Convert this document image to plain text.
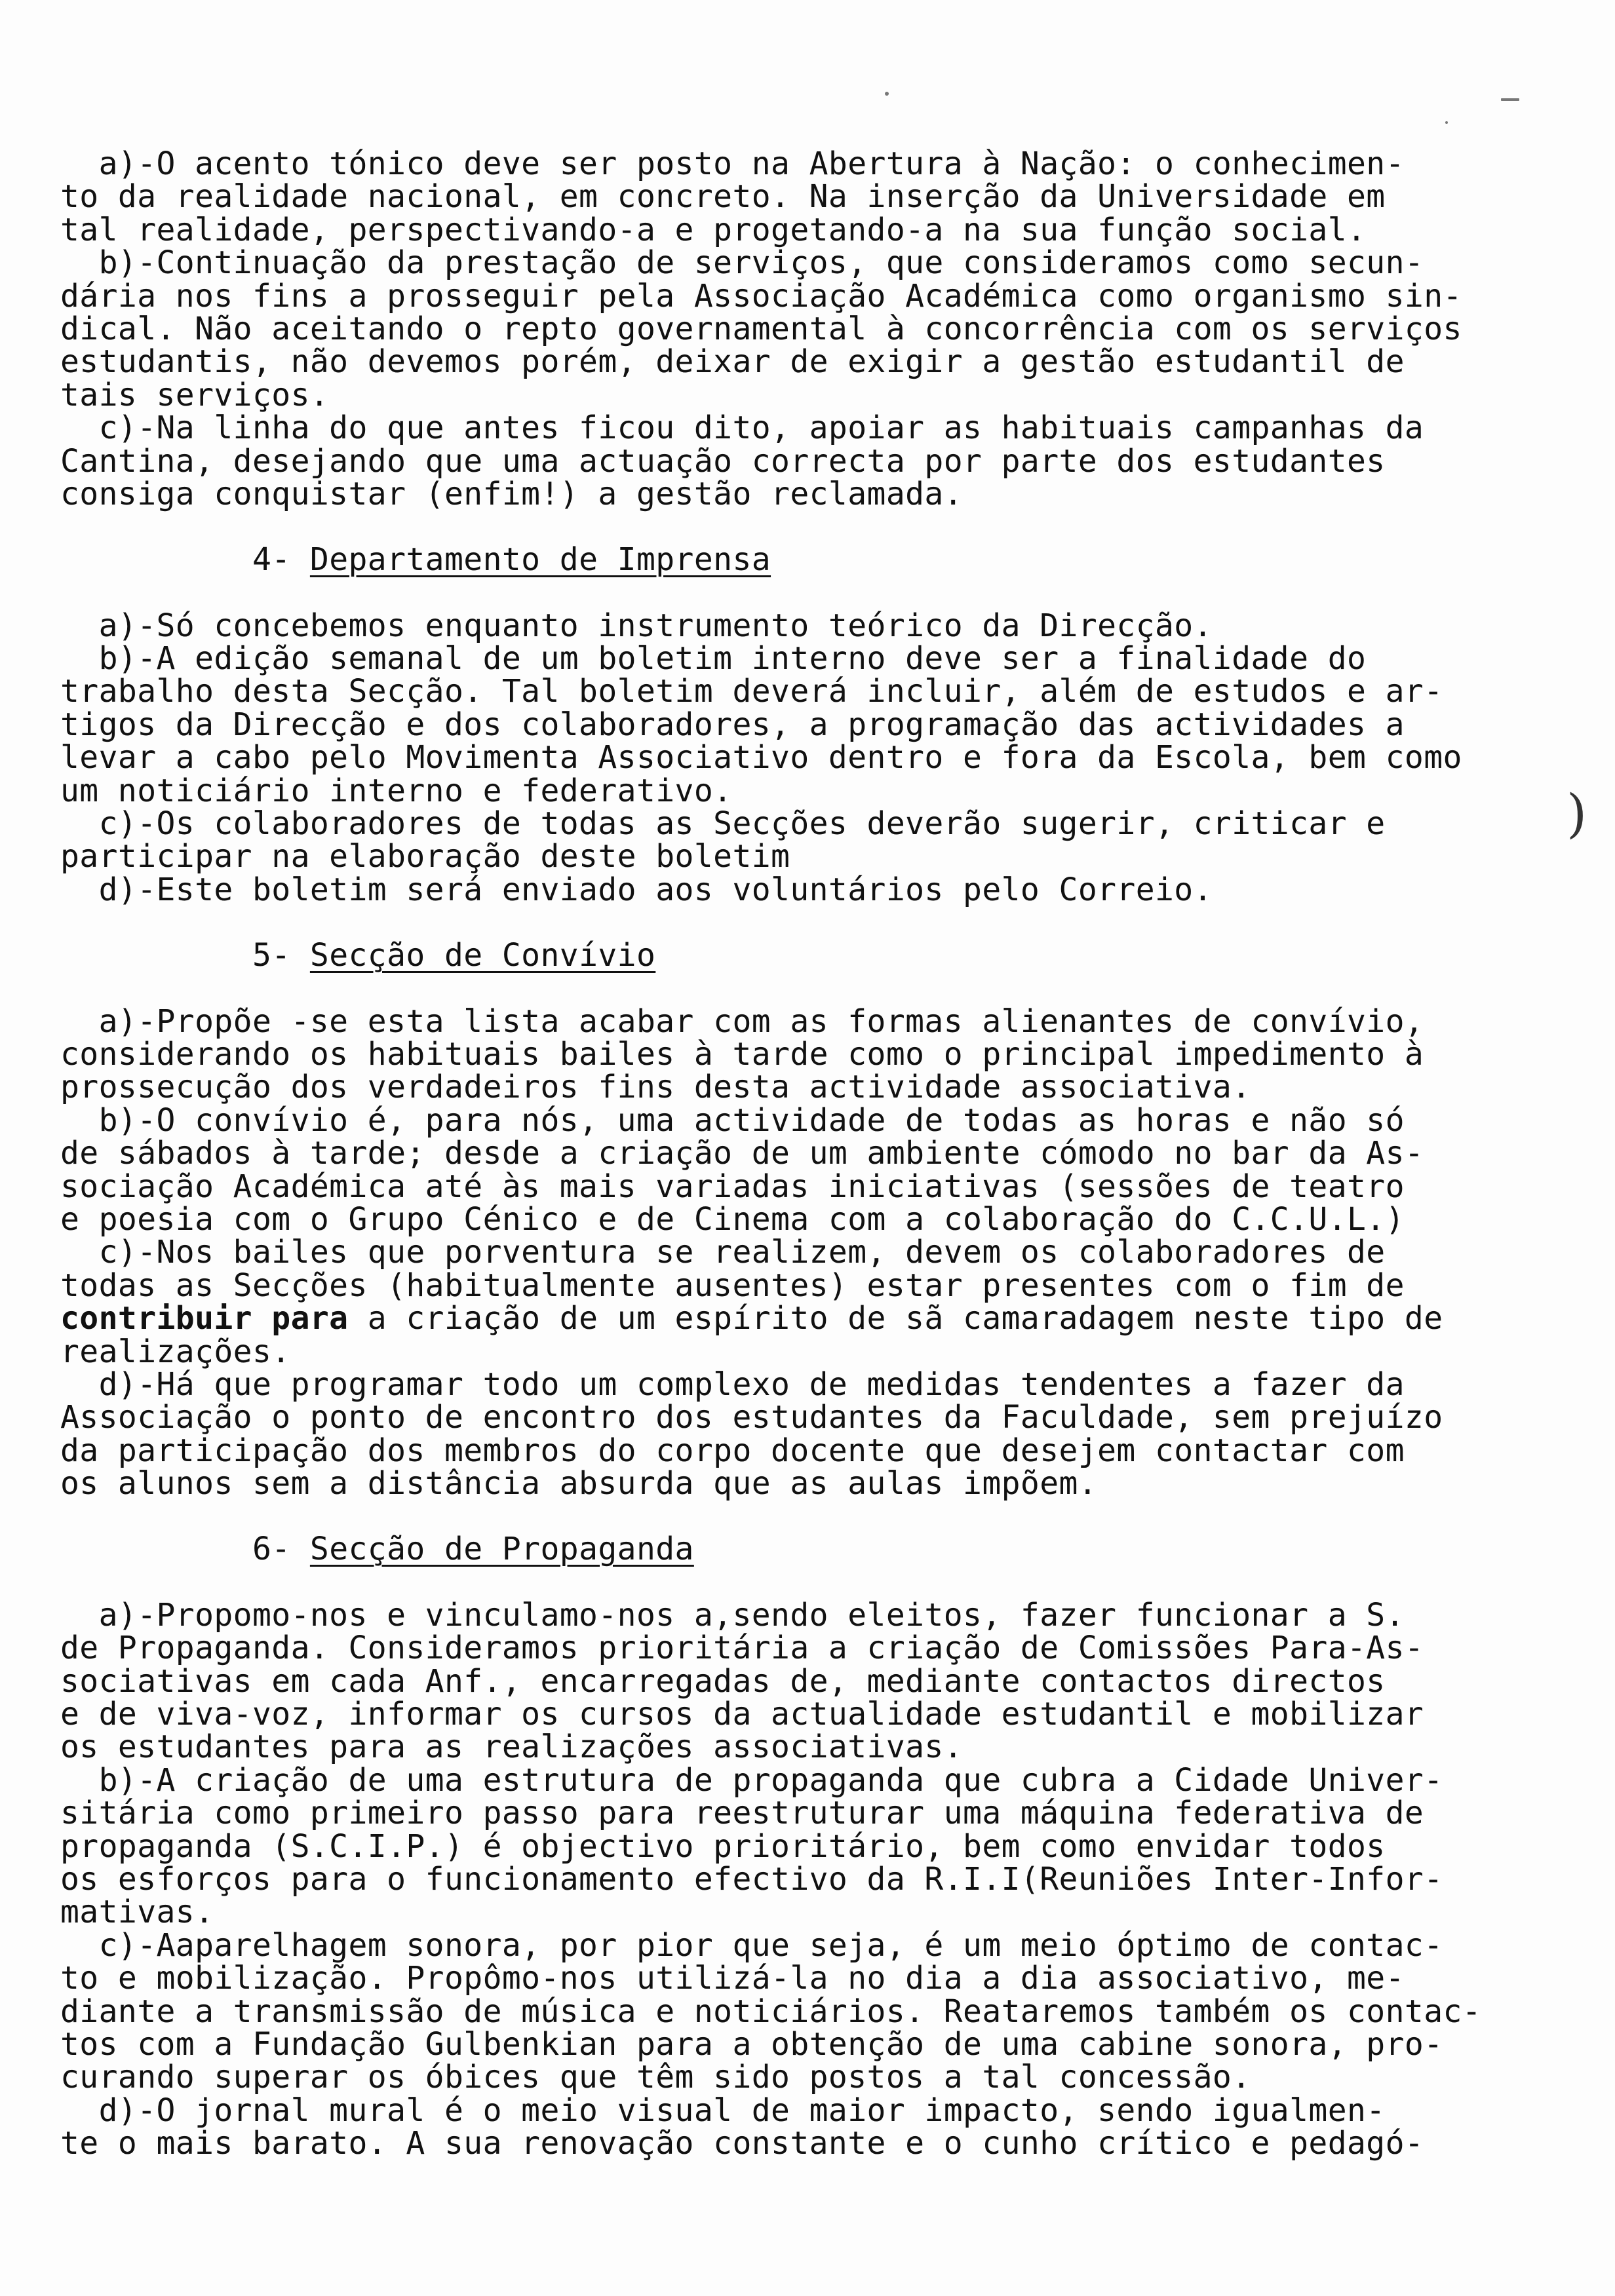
a)-O acento tónico deve ser posto na Abertura à Nação: o conhecimen-
to da realidade nacional, em concreto. Na inserção da Universidade em
tal realidade, perspectivando-a e progetando-a na sua função social.
b)-Continuação da prestação de serviços, que consideramos como secun-
dária nos fins a prosseguir pela Associação Académica como organismo sin-
dical. Não aceitando o repto governamental à concorrência com os serviços
estudantis, não devemos porém, deixar de exigir a gestão estudantil de
tais serviços.
c)-Na linha do que antes ficou dito, apoiar as habituais campanhas da
Cantina, desejando que uma actuação correcta por parte dos estudantes
consiga conquistar (enfim!) a gestão reclamada.
4- Departamento de Imprensa
a)-Só concebemos enquanto instrumento teórico da Direcção.
b)-A edição semanal de um boletim interno deve ser a finalidade do
trabalho desta Secção. Tal boletim deverá incluir, além de estudos e ar-
tigos da Direcção e dos colaboradores, a programação das actividades a
levar a cabo pelo Movimenta Associativo dentro e fora da Escola, bem como
um noticiário interno e federativo.
c)-Os colaboradores de todas as Secções deverão sugerir, criticar e
participar na elaboração deste boletim
d)-Este boletim será enviado aos voluntários pelo Correio.
5- Secção de Convívio
a)-Propõe -se esta lista acabar com as formas alienantes de convívio,
considerando os habituais bailes à tarde como o principal impedimento à
prossecução dos verdadeiros fins desta actividade associativa.
b)-O convívio é, para nós, uma actividade de todas as horas e não só
de sábados à tarde; desde a criação de um ambiente cómodo no bar da As-
sociação Académica até às mais variadas iniciativas (sessões de teatro
e poesia com o Grupo Cénico e de Cinema com a colaboração do C.C.U.L.)
c)-Nos bailes que porventura se realizem, devem os colaboradores de
todas as Secções (habitualmente ausentes) estar presentes com o fim de
contribuir para a criação de um espírito de sã camaradagem neste tipo de
realizações.
d)-Há que programar todo um complexo de medidas tendentes a fazer da
Associação o ponto de encontro dos estudantes da Faculdade, sem prejuízo
da participação dos membros do corpo docente que desejem contactar com
os alunos sem a distância absurda que as aulas impõem.
6- Secção de Propaganda
a)-Propomo-nos e vinculamo-nos a,sendo eleitos, fazer funcionar a S.
de Propaganda. Consideramos prioritária a criação de Comissões Para-As-
sociativas em cada Anf., encarregadas de, mediante contactos directos
e de viva-voz, informar os cursos da actualidade estudantil e mobilizar
os estudantes para as realizações associativas.
b)-A criação de uma estrutura de propaganda que cubra a Cidade Univer-
sitária como primeiro passo para reestruturar uma máquina federativa de
propaganda (S.C.I.P.) é objectivo prioritário, bem como envidar todos
os esforços para o funcionamento efectivo da R.I.I(Reuniões Inter-Infor-
mativas.
c)-Aaparelhagem sonora, por pior que seja, é um meio óptimo de contac-
to e mobilização. Propômo-nos utilizá-la no dia a dia associativo, me-
diante a transmissão de música e noticiários. Reataremos também os contac-
tos com a Fundação Gulbenkian para a obtenção de uma cabine sonora, pro-
curando superar os óbices que têm sido postos a tal concessão.
d)-O jornal mural é o meio visual de maior impacto, sendo igualmen-
te o mais barato. A sua renovação constante e o cunho crítico e pedagó-
)
